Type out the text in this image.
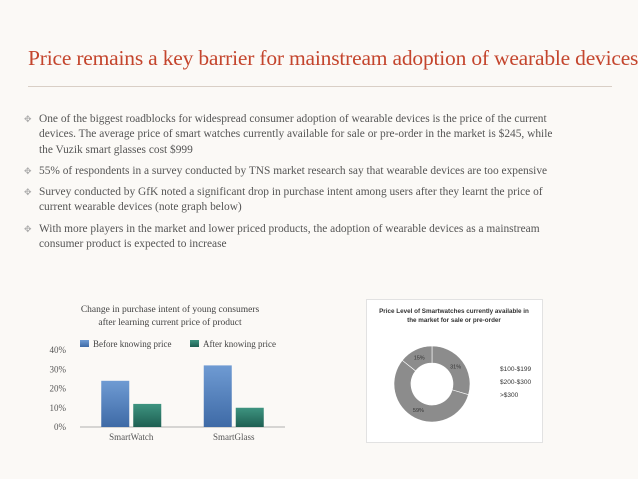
Price remains a key barrier for mainstream adoption of wearable devices
✥ One of the biggest roadblocks for widespread consumer adoption of wearable devices is the price of the current
devices. The average price of smart watches currently available for sale or pre-order in the market is $245, while
the Vuzik smart glasses cost $999
✥ 55% of respondents in a survey conducted by TNS market research say that wearable devices are too expensive
✥ Survey conducted by GfK noted a significant drop in purchase intent among users after they learnt the price of
current wearable devices (note graph below)
✥ With more players in the market and lower priced products, the adoption of wearable devices as a mainstream
consumer product is expected to increase
Change in purchase intent of young consumers
after learning current price of product
Before knowing price	After knowing price
0%
10%
20%
30%
40%
SmartWatch	SmartGlass
Price Level of Smartwatches currently available in
the market for sale or pre-order
31%
59%
15%
$100-$199
$200-$300
>$300
